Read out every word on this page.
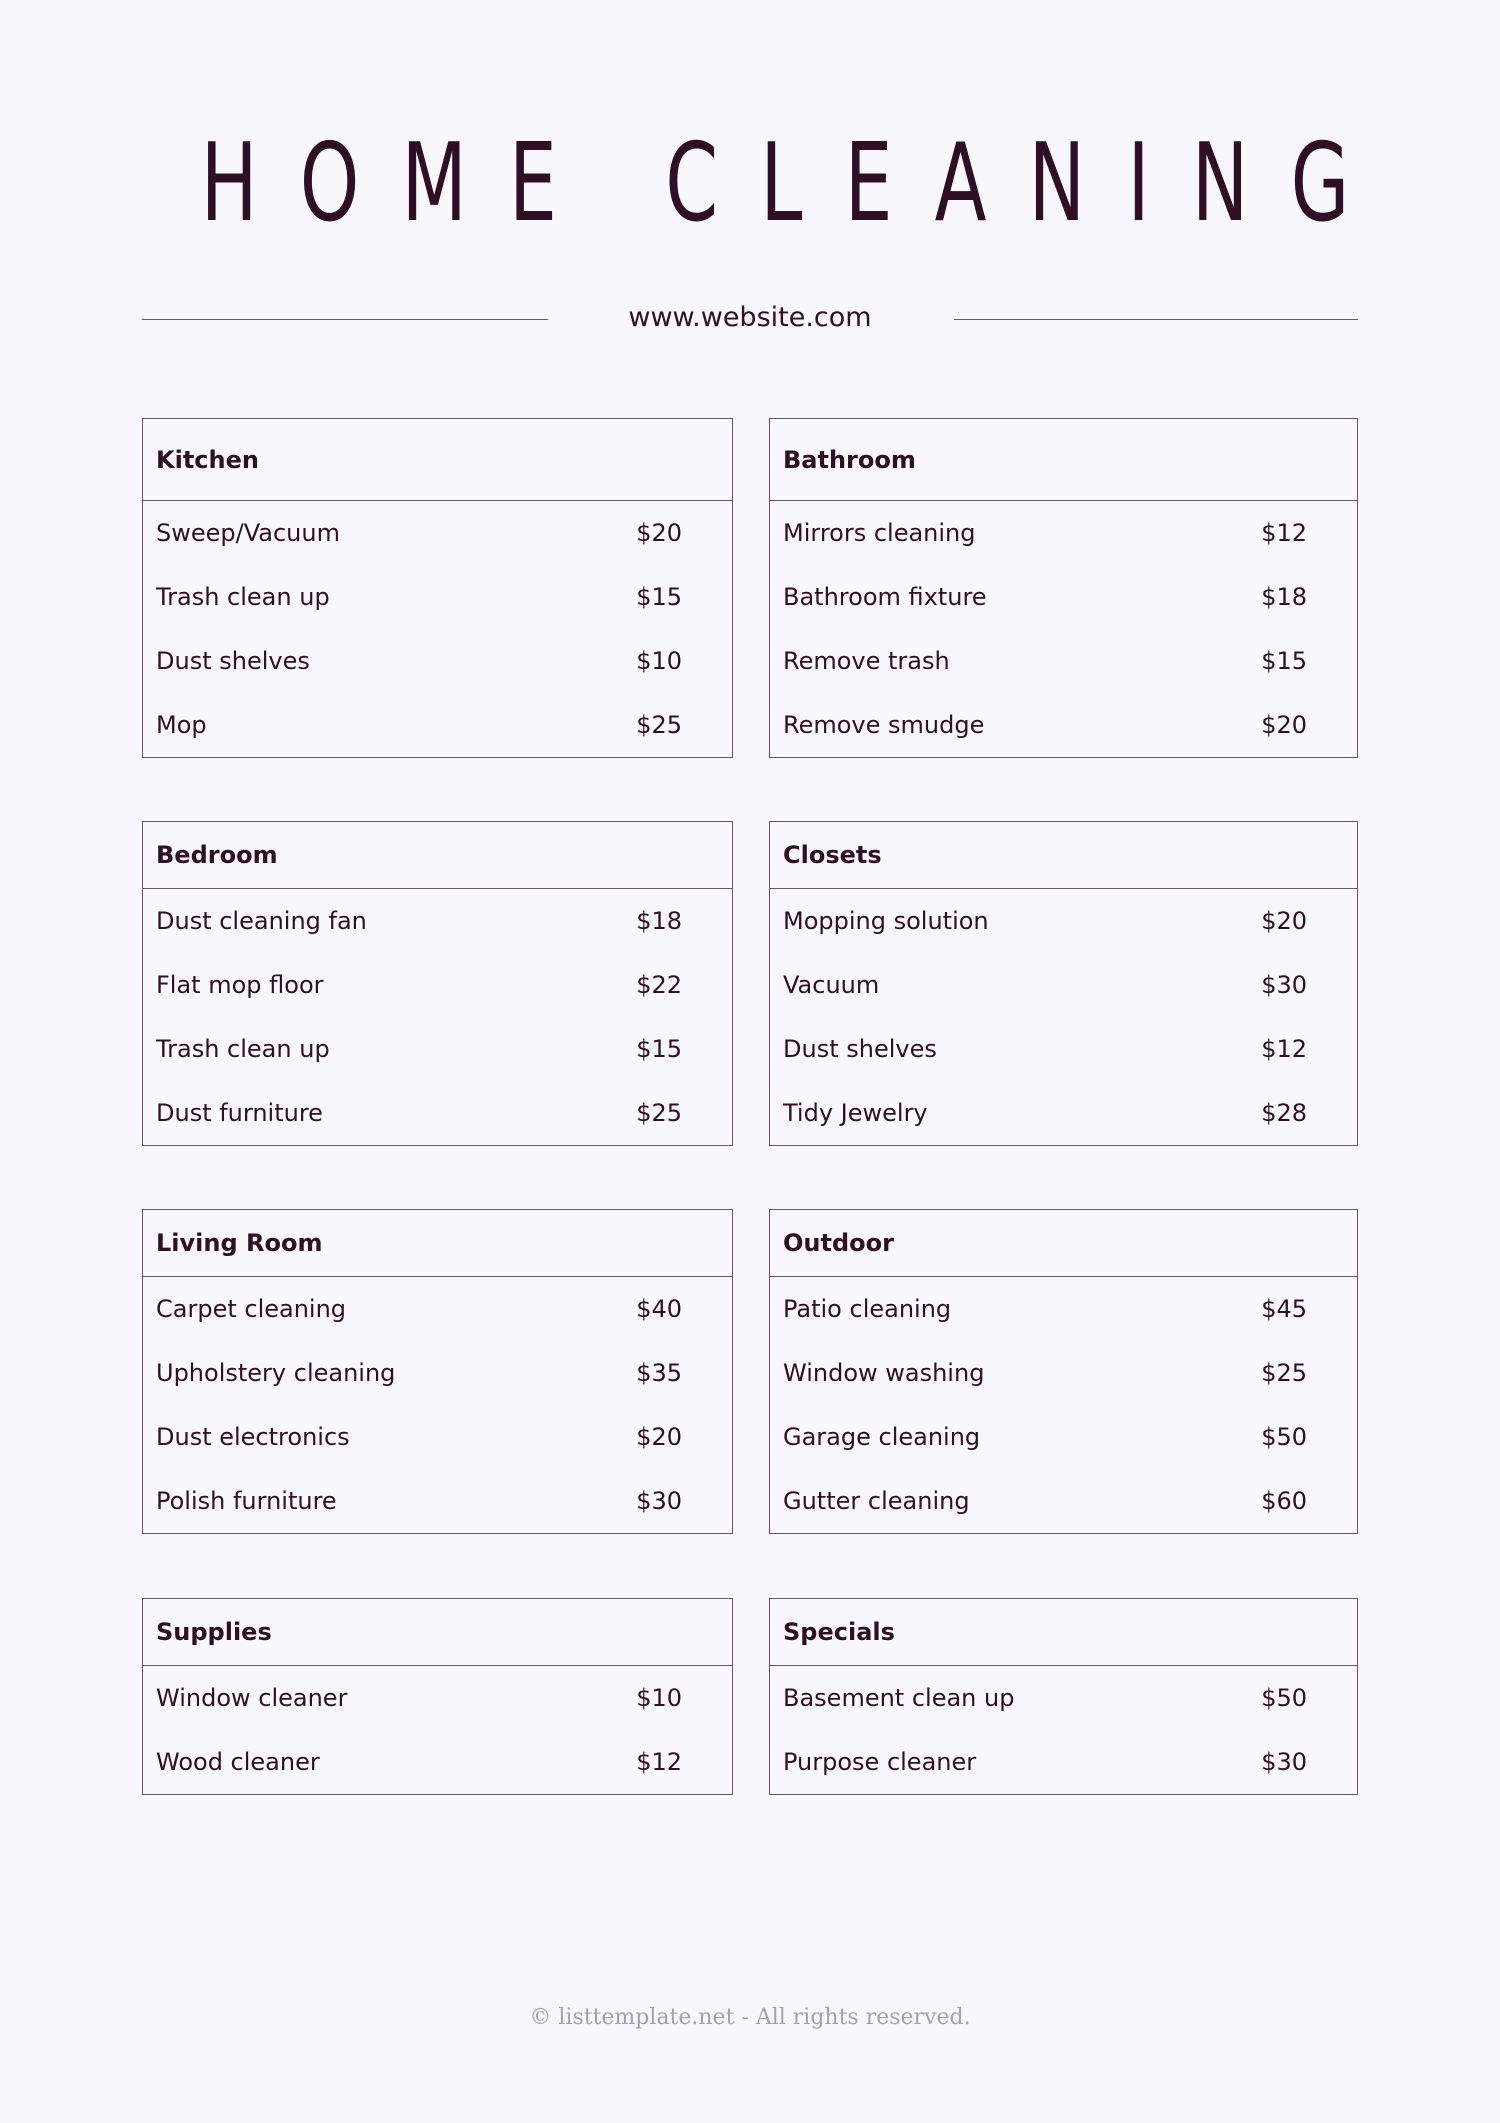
HOME CLEANING
www.website.com
Kitchen
Sweep/Vacuum	$20
Trash clean up	$15
Dust shelves	$10
Mop	$25
Bathroom
Mirrors cleaning	$12
Bathroom fixture	$18
Remove trash	$15
Remove smudge	$20
Bedroom
Dust cleaning fan	$18
Flat mop floor	$22
Trash clean up	$15
Dust furniture	$25
Closets
Mopping solution	$20
Vacuum	$30
Dust shelves	$12
Tidy Jewelry	$28
Living Room
Carpet cleaning	$40
Upholstery cleaning	$35
Dust electronics	$20
Polish furniture	$30
Outdoor
Patio cleaning	$45
Window washing	$25
Garage cleaning	$50
Gutter cleaning	$60
Supplies
Window cleaner	$10
Wood cleaner	$12
Specials
Basement clean up	$50
Purpose cleaner	$30
© listtemplate.net - All rights reserved.
